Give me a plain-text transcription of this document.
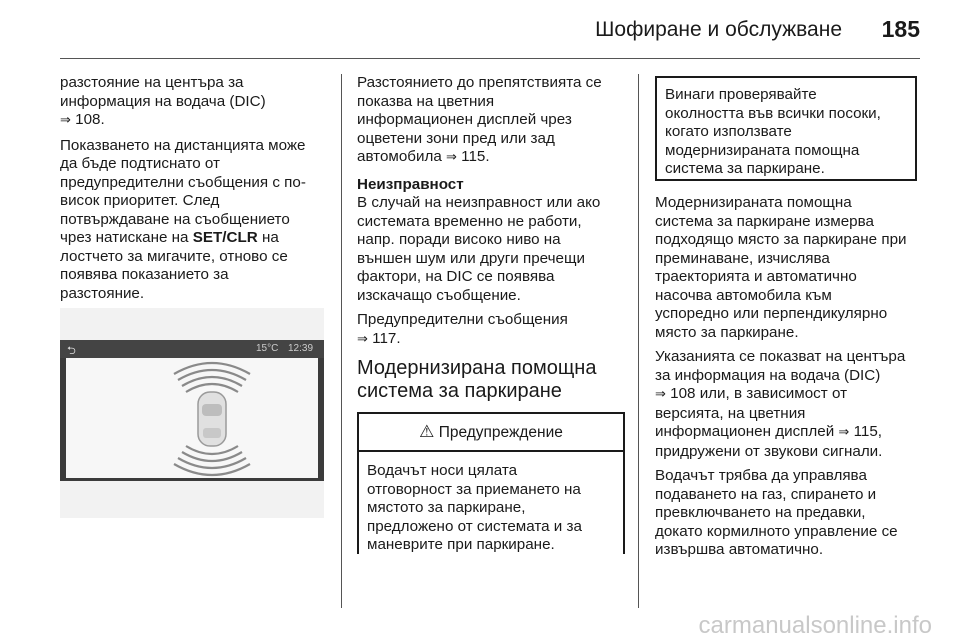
Шофиране и обслужване 185

разстояние на центъра за
информация на водача (DIC)
⇒ 108.

Показването на дистанцията може
да бъде подтиснато от
предупредителни съобщения с по-
висок приоритет. След
потвърждаване на съобщението
чрез натискане на SET/CLR на
лостчето за мигачите, отново се
появява показанието за
разстояние.

⮌	15°C 12:39

Разстоянието до препятствията се
показва на цветния
информационен дисплей чрез
оцветени зони пред или зад
автомобила ⇒ 115.

Неизправност

В случай на неизправност или ако
системата временно не работи,
напр. поради високо ниво на
външен шум или други пречещи
фактори, на DIC се появява
изскачащо съобщение.

Предупредителни съобщения
⇒ 117.

Модернизирана помощна
система за паркиране

⚠ Предупреждение
Водачът носи цялата
отговорност за приемането на
мястото за паркиране,
предложено от системата и за
маневрите при паркиране.
Винаги проверявайте
околността във всички посоки,
когато използвате
модернизираната помощна
система за паркиране.

Модернизираната помощна
система за паркиране измерва
подходящо място за паркиране при
преминаване, изчислява
траекторията и автоматично
насочва автомобила към
успоредно или перпендикулярно
място за паркиране.

Указанията се показват на центъра
за информация на водача (DIC)
⇒ 108 или, в зависимост от
версията, на цветния
информационен дисплей ⇒ 115,
придружени от звукови сигнали.

Водачът трябва да управлява
подаването на газ, спирането и
превключването на предавки,
докато кормилното управление се
извършва автоматично.

carmanualsonline.info
